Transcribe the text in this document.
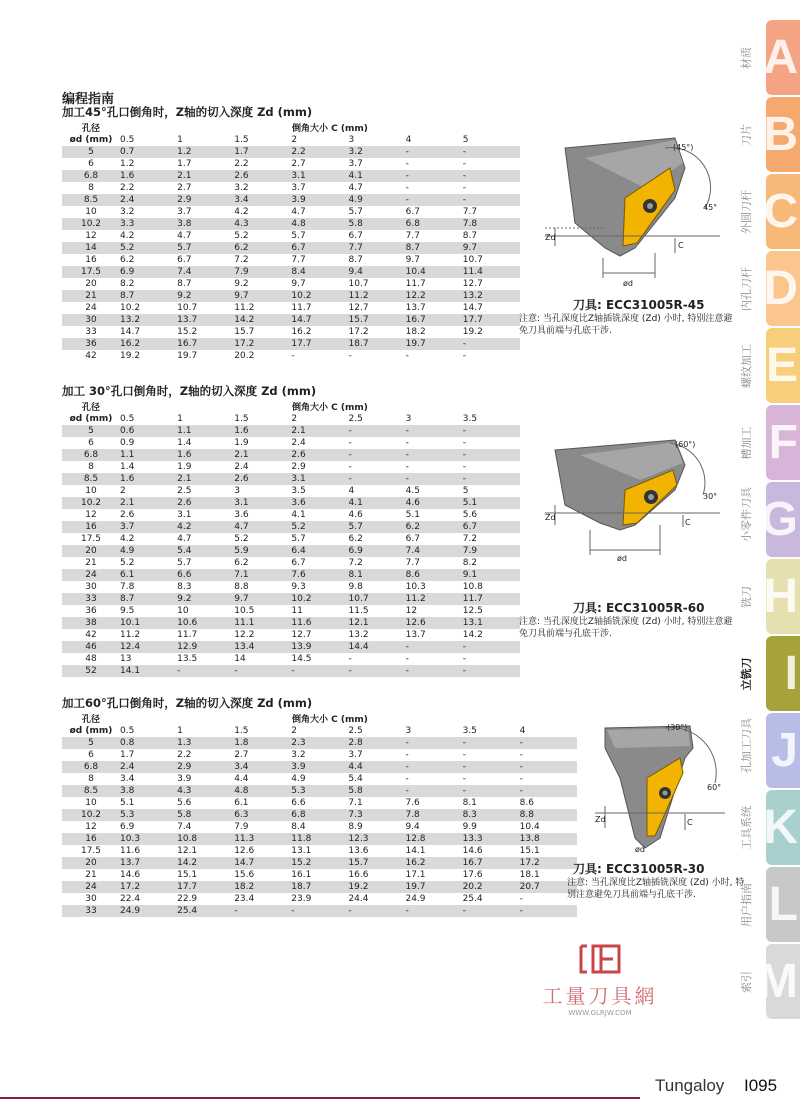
编程指南
加工45°孔口倒角时，Z轴的切入深度 Zd (mm)
孔径	倒角大小 C (mm)						
ød (mm)	0.5	1	1.5	2	3	4	5
5	0.7	1.2	1.7	2.2	3.2	-	-
6	1.2	1.7	2.2	2.7	3.7	-	-
6.8	1.6	2.1	2.6	3.1	4.1	-	-
8	2.2	2.7	3.2	3.7	4.7	-	-
8.5	2.4	2.9	3.4	3.9	4.9	-	-
10	3.2	3.7	4.2	4.7	5.7	6.7	7.7
10.2	3.3	3.8	4.3	4.8	5.8	6.8	7.8
12	4.2	4.7	5.2	5.7	6.7	7.7	8.7
14	5.2	5.7	6.2	6.7	7.7	8.7	9.7
16	6.2	6.7	7.2	7.7	8.7	9.7	10.7
17.5	6.9	7.4	7.9	8.4	9.4	10.4	11.4
20	8.2	8.7	9.2	9.7	10.7	11.7	12.7
21	8.7	9.2	9.7	10.2	11.2	12.2	13.2
24	10.2	10.7	11.2	11.7	12.7	13.7	14.7
30	13.2	13.7	14.2	14.7	15.7	16.7	17.7
33	14.7	15.2	15.7	16.2	17.2	18.2	19.2
36	16.2	16.7	17.2	17.7	18.7	19.7	-
42	19.2	19.7	20.2	-	-	-	-
加工 30°孔口倒角时，Z轴的切入深度 Zd (mm)
孔径	倒角大小 C (mm)						
ød (mm)	0.5	1	1.5	2	2.5	3	3.5
5	0.6	1.1	1.6	2.1	-	-	-
6	0.9	1.4	1.9	2.4	-	-	-
6.8	1.1	1.6	2.1	2.6	-	-	-
8	1.4	1.9	2.4	2.9	-	-	-
8.5	1.6	2.1	2.6	3.1	-	-	-
10	2	2.5	3	3.5	4	4.5	5
10.2	2.1	2.6	3.1	3.6	4.1	4.6	5.1
12	2.6	3.1	3.6	4.1	4.6	5.1	5.6
16	3.7	4.2	4.7	5.2	5.7	6.2	6.7
17.5	4.2	4.7	5.2	5.7	6.2	6.7	7.2
20	4.9	5.4	5.9	6.4	6.9	7.4	7.9
21	5.2	5.7	6.2	6.7	7.2	7.7	8.2
24	6.1	6.6	7.1	7.6	8.1	8.6	9.1
30	7.8	8.3	8.8	9.3	9.8	10.3	10.8
33	8.7	9.2	9.7	10.2	10.7	11.2	11.7
36	9.5	10	10.5	11	11.5	12	12.5
38	10.1	10.6	11.1	11.6	12.1	12.6	13.1
42	11.2	11.7	12.2	12.7	13.2	13.7	14.2
46	12.4	12.9	13.4	13.9	14.4	-	-
48	13	13.5	14	14.5	-	-	-
52	14.1	-	-	-	-	-	-
加工60°孔口倒角时，Z轴的切入深度 Zd (mm)
孔径	倒角大小 C (mm)							
ød (mm)	0.5	1	1.5	2	2.5	3	3.5	4
5	0.8	1.3	1.8	2.3	2.8	-	-	-
6	1.7	2.2	2.7	3.2	3.7	-	-	-
6.8	2.4	2.9	3.4	3.9	4.4	-	-	-
8	3.4	3.9	4.4	4.9	5.4	-	-	-
8.5	3.8	4.3	4.8	5.3	5.8	-	-	-
10	5.1	5.6	6.1	6.6	7.1	7.6	8.1	8.6
10.2	5.3	5.8	6.3	6.8	7.3	7.8	8.3	8.8
12	6.9	7.4	7.9	8.4	8.9	9.4	9.9	10.4
16	10.3	10.8	11.3	11.8	12.3	12.8	13.3	13.8
17.5	11.6	12.1	12.6	13.1	13.6	14.1	14.6	15.1
20	13.7	14.2	14.7	15.2	15.7	16.2	16.7	17.2
21	14.6	15.1	15.6	16.1	16.6	17.1	17.6	18.1
24	17.2	17.7	18.2	18.7	19.2	19.7	20.2	20.7
30	22.4	22.9	23.4	23.9	24.4	24.9	25.4	-
33	24.9	25.4	-	-	-	-	-	-
(45°)
45°
ød
Zd
C
刀具: ECC31005R-45
注意: 当孔深度比Z轴插铣深度 (Zd) 小时, 特别注意避免刀具前端与孔底干涉.
(60°)
30°
ød
Zd
C
刀具: ECC31005R-60
注意: 当孔深度比Z轴插铣深度 (Zd) 小时, 特别注意避免刀具前端与孔底干涉.
(30°)
60°
Zd	C
ød
刀具: ECC31005R-30
注意: 当孔深度比Z轴插铣深度 (Zd) 小时, 特别注意避免刀具前端与孔底干涉.
工量刀具網
WWW.GLRJW.COM
A
B
C
D
E
F
G
H
I
J
K
L
M
材质
刀片
外圆刀杆
内孔刀杆
螺纹加工
槽加工
小零件刀具
铣刀
立铣刀
孔加工刀具
工具系统
用户指南
索引
Tungaloy I095
